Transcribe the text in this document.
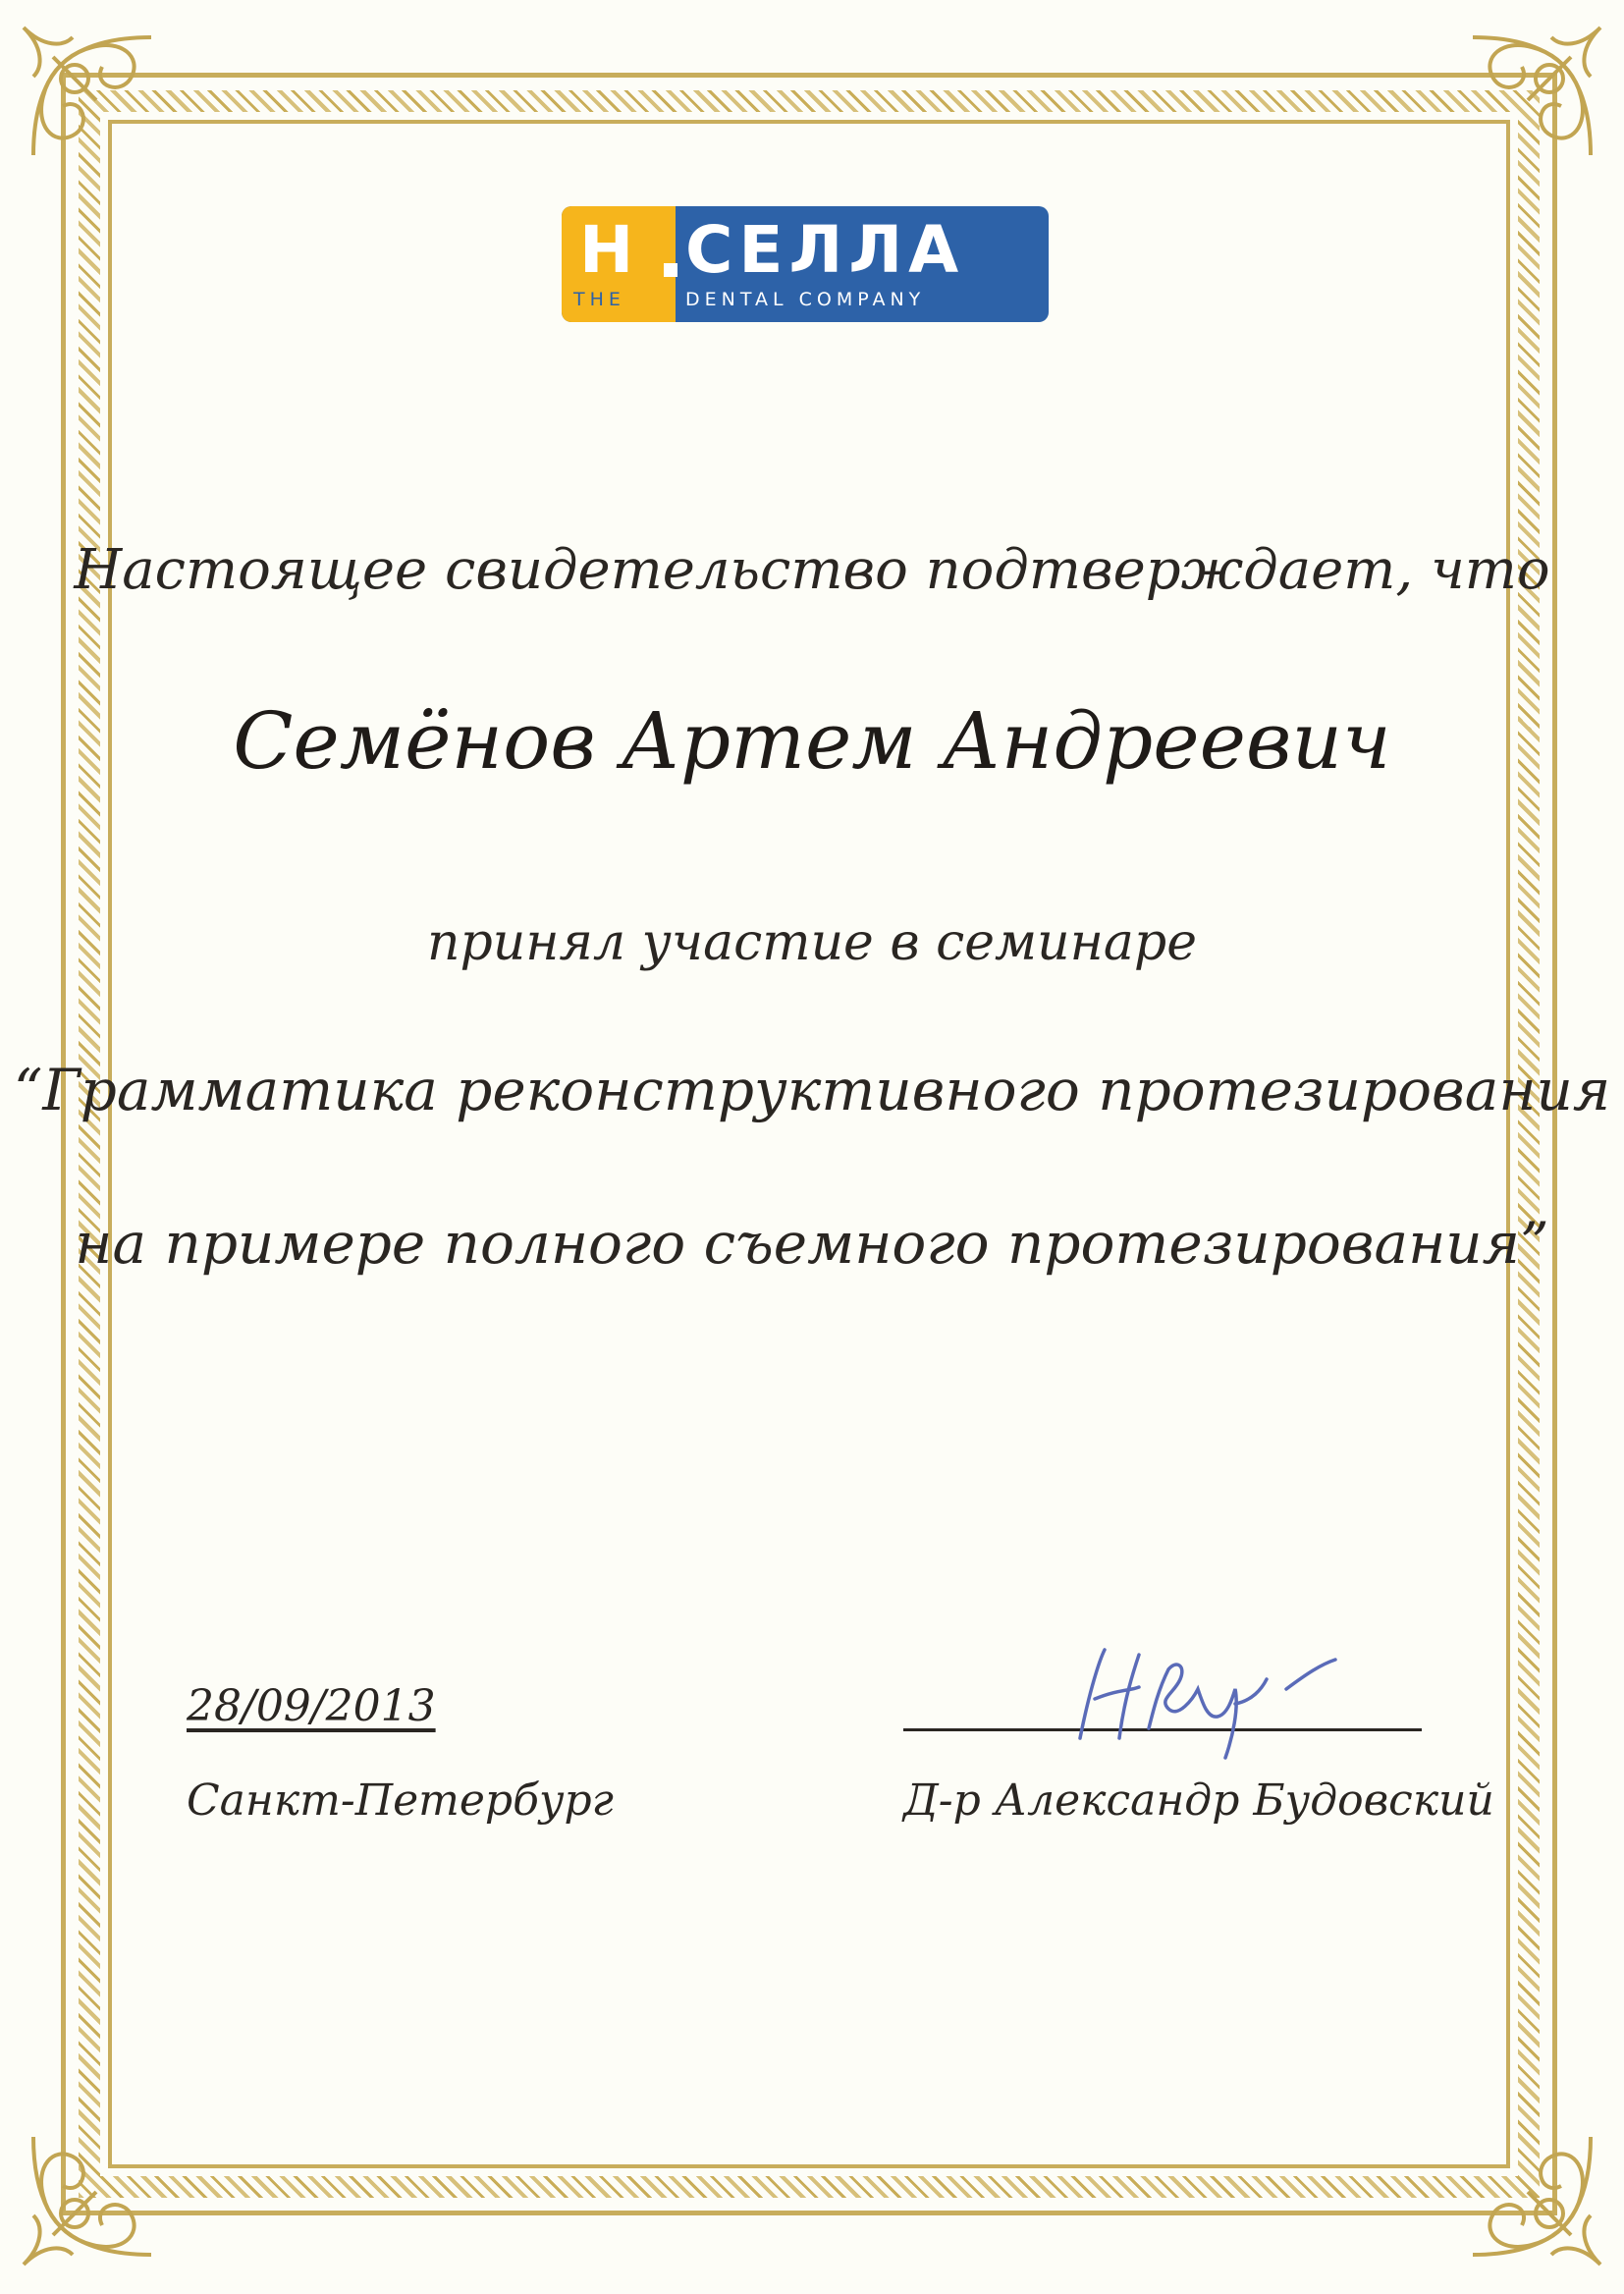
H СЕЛЛА
THE	DENTAL COMPANY
Настоящее свидетельство подтверждает, что
Семёнов Артем Андреевич
принял участие в семинаре
“Грамматика реконструктивного протезирования
на примере полного съемного протезирования”
28/09/2013
Санкт-Петербург	Д-р Александр Будовский
